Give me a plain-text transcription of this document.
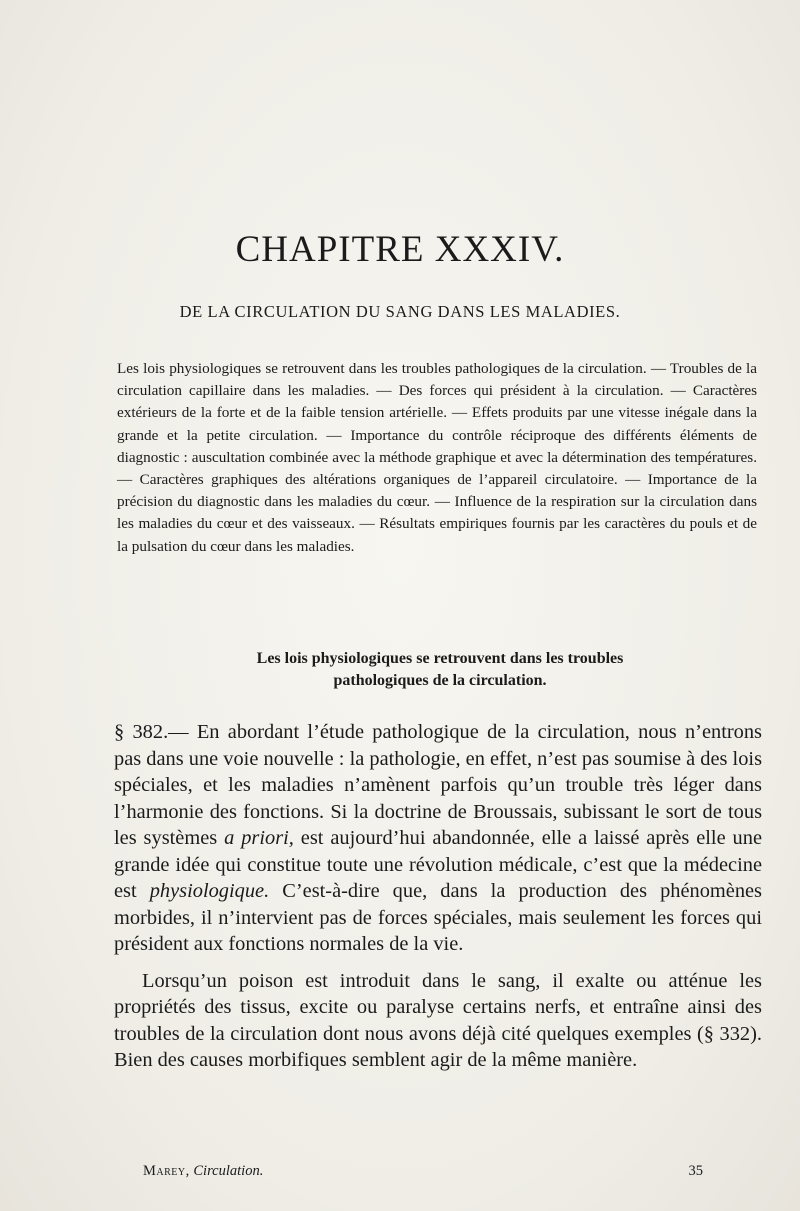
CHAPITRE XXXIV.
DE LA CIRCULATION DU SANG DANS LES MALADIES.

Les lois physiologiques se retrouvent dans les troubles pathologiques de la circulation. — Troubles de la circulation capillaire dans les maladies. — Des forces qui président à la circulation. — Caractères extérieurs de la forte et de la faible tension artérielle. — Effets produits par une vitesse inégale dans la grande et la petite circulation. — Importance du contrôle réciproque des différents éléments de diagnostic : auscultation combinée avec la méthode graphique et avec la détermination des températures. — Caractères graphiques des altérations organiques de l’appareil circulatoire. — Importance de la précision du diagnostic dans les maladies du cœur. — Influence de la respiration sur la circulation dans les maladies du cœur et des vaisseaux. — Résultats empiriques fournis par les caractères du pouls et de la pulsation du cœur dans les maladies.

Les lois physiologiques se retrouvent dans les troubles
pathologiques de la circulation.

§ 382.— En abordant l’étude pathologique de la circulation, nous n’entrons pas dans une voie nouvelle : la pathologie, en effet, n’est pas soumise à des lois spéciales, et les maladies n’amènent parfois qu’un trouble très léger dans l’harmonie des fonctions. Si la doctrine de Broussais, subissant le sort de tous les systèmes a priori, est aujourd’hui abandonnée, elle a laissé après elle une grande idée qui constitue toute une révolution médicale, c’est que la médecine est physiologique. C’est-à-dire que, dans la production des phénomènes morbides, il n’intervient pas de forces spéciales, mais seulement les forces qui président aux fonctions normales de la vie.

Lorsqu’un poison est introduit dans le sang, il exalte ou atténue les propriétés des tissus, excite ou paralyse certains nerfs, et entraîne ainsi des troubles de la circulation dont nous avons déjà cité quelques exemples (§ 332). Bien des causes morbifiques semblent agir de la même manière.

Marey, Circulation.	35
